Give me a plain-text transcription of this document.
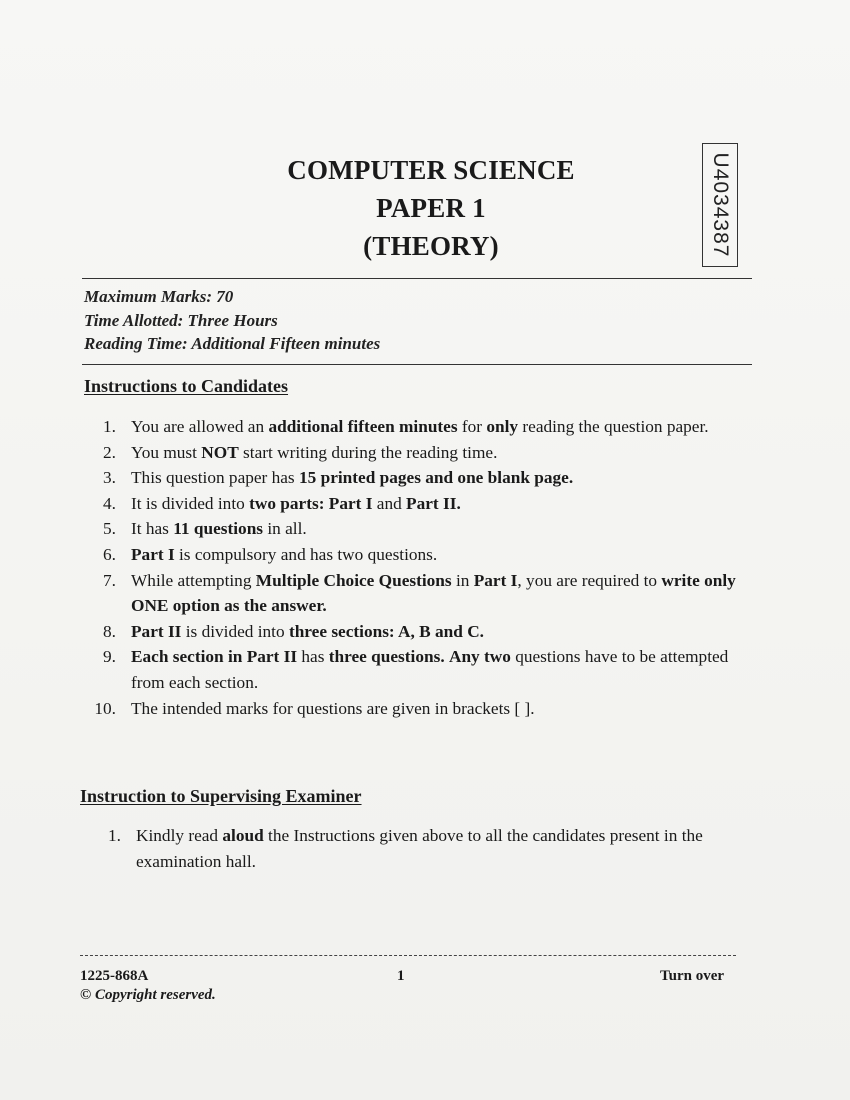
COMPUTER SCIENCE
PAPER 1
(THEORY)	U4034387
Maximum Marks: 70
Time Allotted: Three Hours
Reading Time: Additional Fifteen minutes
Instructions to Candidates
1. You are allowed an additional fifteen minutes for only reading the question paper.
2. You must NOT start writing during the reading time.
3. This question paper has 15 printed pages and one blank page.
4. It is divided into two parts: Part I and Part II.
5. It has 11 questions in all.
6. Part I is compulsory and has two questions.
7. While attempting Multiple Choice Questions in Part I, you are required to write only ONE option as the answer.
8. Part II is divided into three sections: A, B and C.
9. Each section in Part II has three questions. Any two questions have to be attempted from each section.
10. The intended marks for questions are given in brackets [ ].
Instruction to Supervising Examiner
1. Kindly read aloud the Instructions given above to all the candidates present in the examination hall.
1225-868A	1	Turn over
© Copyright reserved.
